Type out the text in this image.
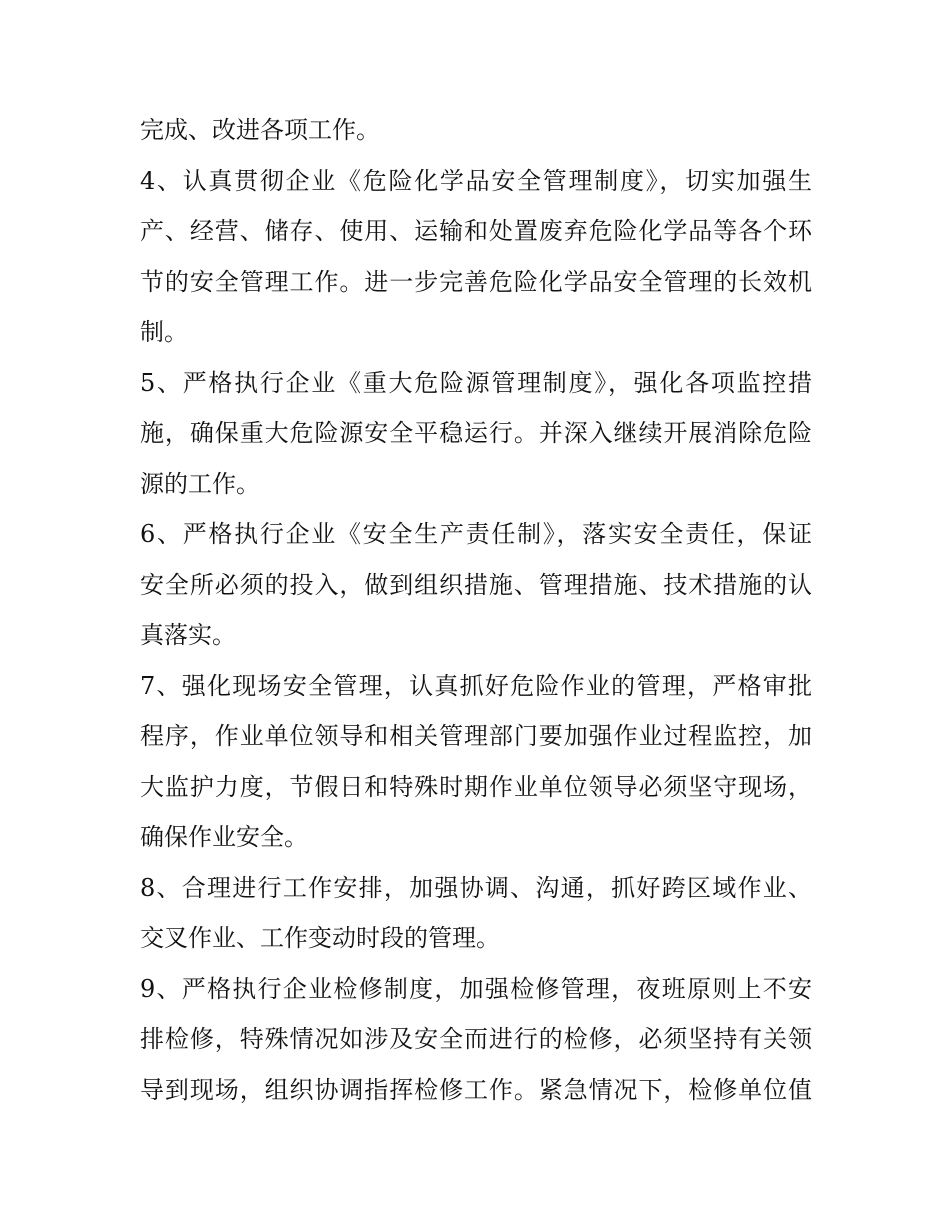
完成、改进各项工作。
4、认真贯彻企业《危险化学品安全管理制度》，切实加强生
产、经营、储存、使用、运输和处置废弃危险化学品等各个环
节的安全管理工作。进一步完善危险化学品安全管理的长效机
制。
5、严格执行企业《重大危险源管理制度》，强化各项监控措
施，确保重大危险源安全平稳运行。并深入继续开展消除危险
源的工作。
6、严格执行企业《安全生产责任制》，落实安全责任，保证
安全所必须的投入，做到组织措施、管理措施、技术措施的认
真落实。
7、强化现场安全管理，认真抓好危险作业的管理，严格审批
程序，作业单位领导和相关管理部门要加强作业过程监控，加
大监护力度，节假日和特殊时期作业单位领导必须坚守现场，
确保作业安全。
8、合理进行工作安排，加强协调、沟通，抓好跨区域作业、
交叉作业、工作变动时段的管理。
9、严格执行企业检修制度，加强检修管理，夜班原则上不安
排检修，特殊情况如涉及安全而进行的检修，必须坚持有关领
导到现场，组织协调指挥检修工作。紧急情况下，检修单位值
